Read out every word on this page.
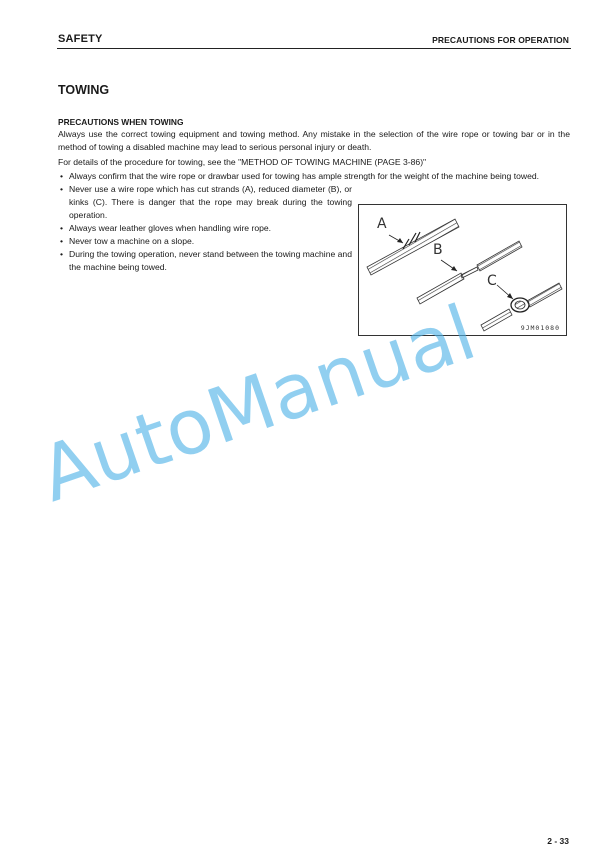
SAFETY	PRECAUTIONS FOR OPERATION
TOWING
PRECAUTIONS WHEN TOWING

Always use the correct towing equipment and towing method. Any mistake in the selection of the wire rope or towing bar or in the method of towing a disabled machine may lead to serious personal injury or death.

For details of the procedure for towing, see the "METHOD OF TOWING MACHINE (PAGE 3-86)"

• Always confirm that the wire rope or drawbar used for towing has ample strength for the weight of the machine being towed.
• Never use a wire rope which has cut strands (A), reduced diameter (B), or kinks (C). There is danger that the rope may break during the towing operation.
• Always wear leather gloves when handling wire rope.
• Never tow a machine on a slope.
• During the towing operation, never stand between the towing machine and the machine being towed.
A
B
C
9JM01080
AutoManual
2 - 33
